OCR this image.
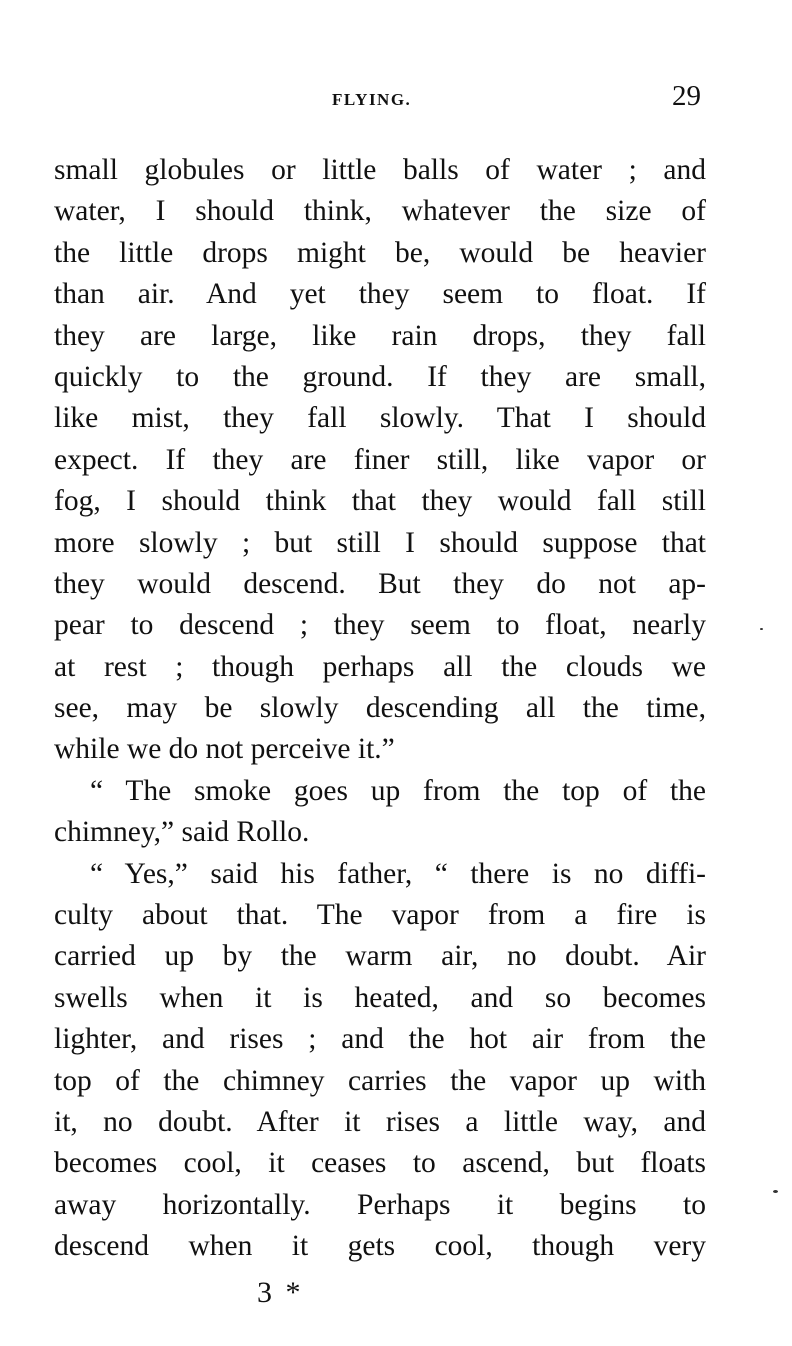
FLYING.	29
small globules or little balls of water ; and
water, I should think, whatever the size of
the little drops might be, would be heavier
than air. And yet they seem to float. If
they are large, like rain drops, they fall
quickly to the ground. If they are small,
like mist, they fall slowly. That I should
expect. If they are finer still, like vapor or
fog, I should think that they would fall still
more slowly ; but still I should suppose that
they would descend. But they do not ap-
pear to descend ; they seem to float, nearly
at rest ; though perhaps all the clouds we
see, may be slowly descending all the time,
while we do not perceive it.”
“ The smoke goes up from the top of the
chimney,” said Rollo.
“ Yes,” said his father, “ there is no diffi-
culty about that. The vapor from a fire is
carried up by the warm air, no doubt. Air
swells when it is heated, and so becomes
lighter, and rises ; and the hot air from the
top of the chimney carries the vapor up with
it, no doubt. After it rises a little way, and
becomes cool, it ceases to ascend, but floats
away horizontally. Perhaps it begins to
descend when it gets cool, though very
3 *
